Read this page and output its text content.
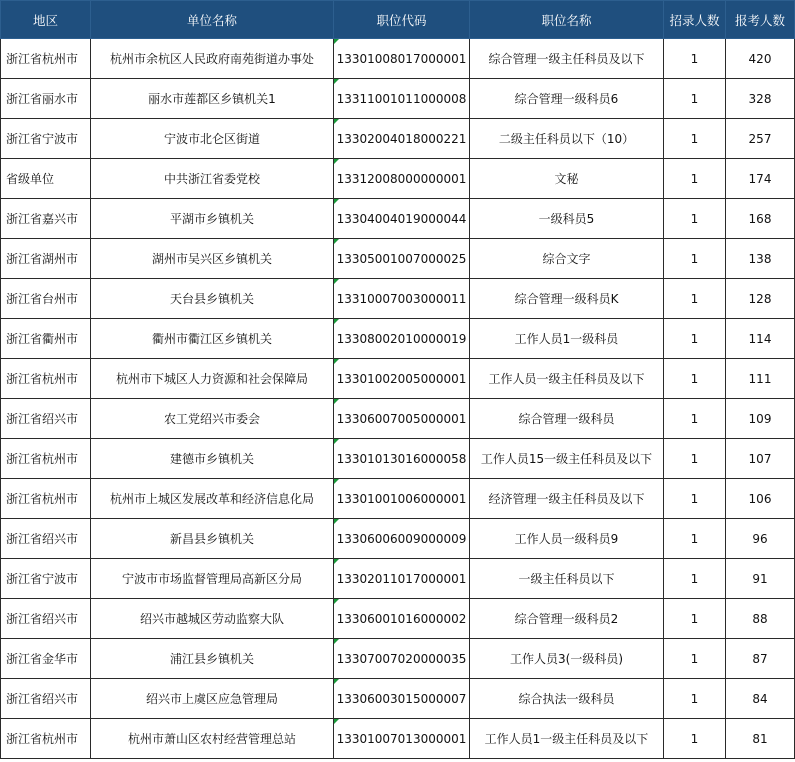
地区	单位名称	职位代码	职位名称	招录人数	报考人数
浙江省杭州市	杭州市余杭区人民政府南苑街道办事处	13301008017000001	综合管理一级主任科员及以下	1	420
浙江省丽水市	丽水市莲都区乡镇机关1	13311001011000008	综合管理一级科员6	1	328
浙江省宁波市	宁波市北仑区街道	13302004018000221	二级主任科员以下（10）	1	257
省级单位	中共浙江省委党校	13312008000000001	文秘	1	174
浙江省嘉兴市	平湖市乡镇机关	13304004019000044	一级科员5	1	168
浙江省湖州市	湖州市吴兴区乡镇机关	13305001007000025	综合文字	1	138
浙江省台州市	天台县乡镇机关	13310007003000011	综合管理一级科员K	1	128
浙江省衢州市	衢州市衢江区乡镇机关	13308002010000019	工作人员1一级科员	1	114
浙江省杭州市	杭州市下城区人力资源和社会保障局	13301002005000001	工作人员一级主任科员及以下	1	111
浙江省绍兴市	农工党绍兴市委会	13306007005000001	综合管理一级科员	1	109
浙江省杭州市	建德市乡镇机关	13301013016000058	工作人员15一级主任科员及以下	1	107
浙江省杭州市	杭州市上城区发展改革和经济信息化局	13301001006000001	经济管理一级主任科员及以下	1	106
浙江省绍兴市	新昌县乡镇机关	13306006009000009	工作人员一级科员9	1	96
浙江省宁波市	宁波市市场监督管理局高新区分局	13302011017000001	一级主任科员以下	1	91
浙江省绍兴市	绍兴市越城区劳动监察大队	13306001016000002	综合管理一级科员2	1	88
浙江省金华市	浦江县乡镇机关	13307007020000035	工作人员3(一级科员)	1	87
浙江省绍兴市	绍兴市上虞区应急管理局	13306003015000007	综合执法一级科员	1	84
浙江省杭州市	杭州市萧山区农村经营管理总站	13301007013000001	工作人员1一级主任科员及以下	1	81
